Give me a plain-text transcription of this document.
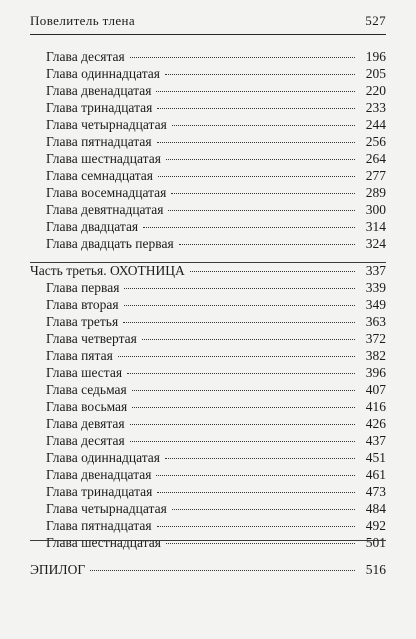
Повелитель тлена	527
Глава десятая	196
Глава одиннадцатая	205
Глава двенадцатая	220
Глава тринадцатая	233
Глава четырнадцатая	244
Глава пятнадцатая	256
Глава шестнадцатая	264
Глава семнадцатая	277
Глава восемнадцатая	289
Глава девятнадцатая	300
Глава двадцатая	314
Глава двадцать первая	324
Часть третья. ОХОТНИЦА	337
Глава первая	339
Глава вторая	349
Глава третья	363
Глава четвертая	372
Глава пятая	382
Глава шестая	396
Глава седьмая	407
Глава восьмая	416
Глава девятая	426
Глава десятая	437
Глава одиннадцатая	451
Глава двенадцатая	461
Глава тринадцатая	473
Глава четырнадцатая	484
Глава пятнадцатая	492
Глава шестнадцатая	501
ЭПИЛОГ	516
